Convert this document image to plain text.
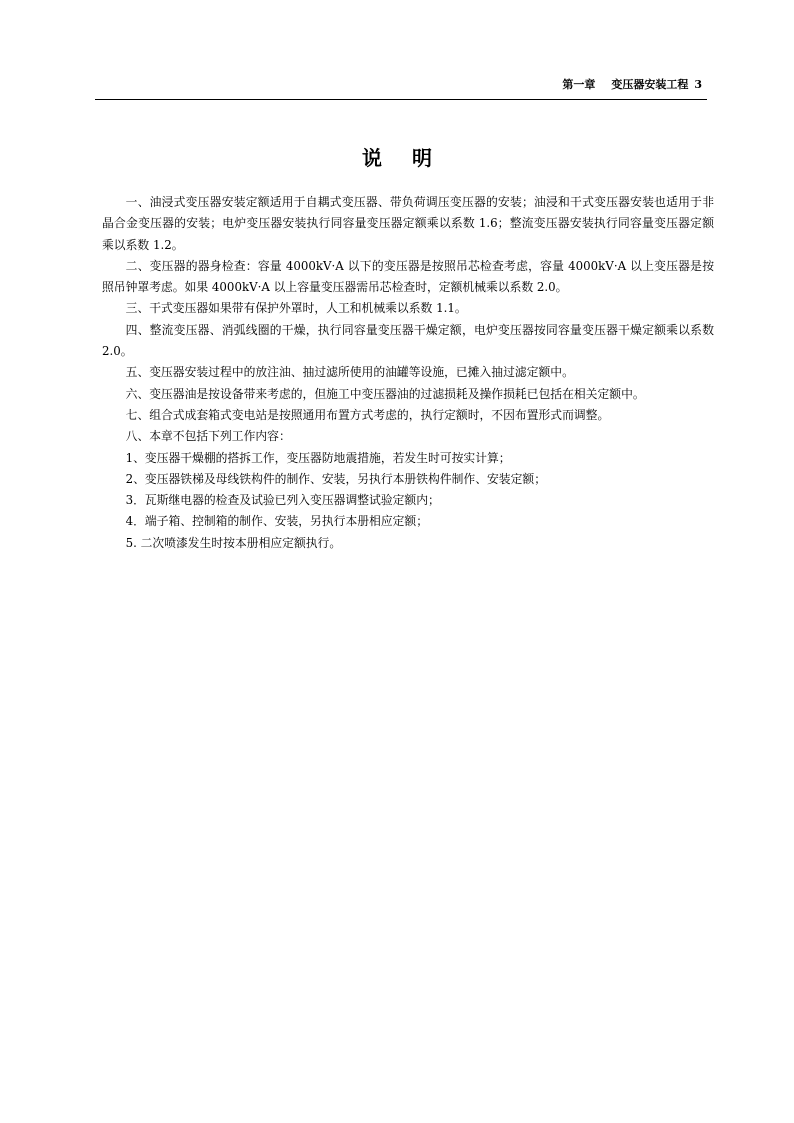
第一章 变压器安装工程 3
说明

一、油浸式变压器安装定额适用于自耦式变压器、带负荷调压变压器的安装；油浸和干式变压器安装也适用于非晶合金变压器的安装；电炉变压器安装执行同容量变压器定额乘以系数 1.6；整流变压器安装执行同容量变压器定额乘以系数 1.2。

二、变压器的器身检查：容量 4000kV·A 以下的变压器是按照吊芯检查考虑，容量 4000kV·A 以上变压器是按照吊钟罩考虑。如果 4000kV·A 以上容量变压器需吊芯检查时，定额机械乘以系数 2.0。

三、干式变压器如果带有保护外罩时，人工和机械乘以系数 1.1。

四、整流变压器、消弧线圈的干燥，执行同容量变压器干燥定额，电炉变压器按同容量变压器干燥定额乘以系数 2.0。

五、变压器安装过程中的放注油、抽过滤所使用的油罐等设施，已摊入抽过滤定额中。

六、变压器油是按设备带来考虑的，但施工中变压器油的过滤损耗及操作损耗已包括在相关定额中。

七、组合式成套箱式变电站是按照通用布置方式考虑的，执行定额时，不因布置形式而调整。

八、本章不包括下列工作内容：

1、变压器干燥棚的搭拆工作，变压器防地震措施，若发生时可按实计算；

2、变压器铁梯及母线铁构件的制作、安装，另执行本册铁构件制作、安装定额；

3．瓦斯继电器的检查及试验已列入变压器调整试验定额内；

4．端子箱、控制箱的制作、安装，另执行本册相应定额；

5. 二次喷漆发生时按本册相应定额执行。
